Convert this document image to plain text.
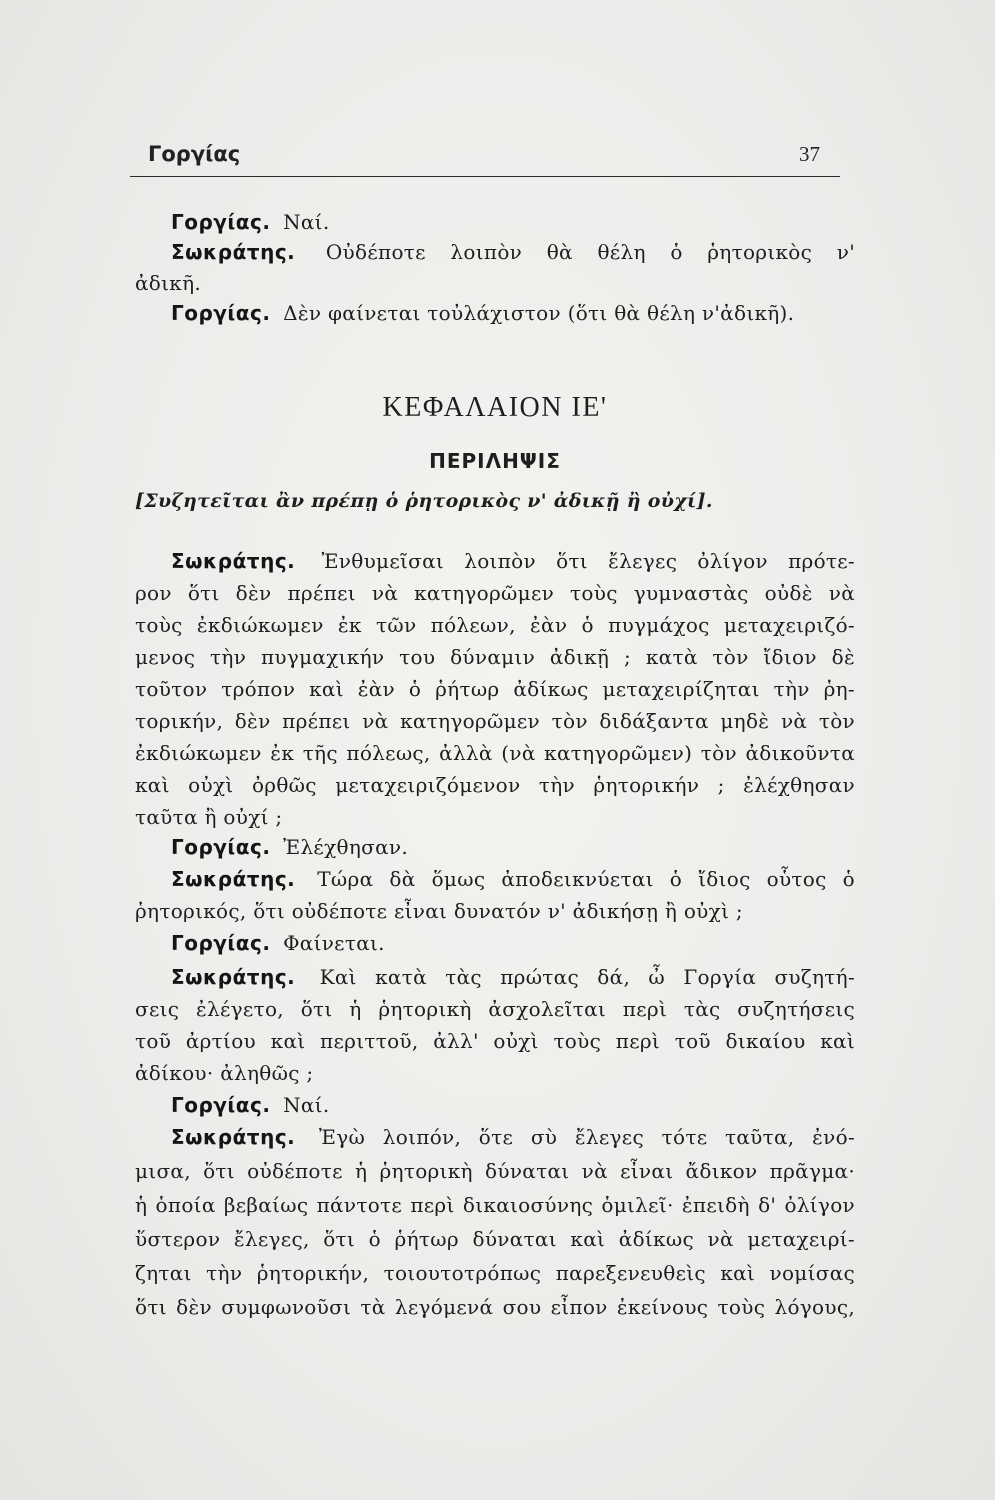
Γοργίας	37
Γοργίας. Ναί.
Σωκράτης. Οὐδέποτε λοιπὸν θὰ θέλη ὁ ῥητορικὸς ν'
ἀδικῆ.
Γοργίας. Δὲν φαίνεται τοὐλάχιστον (ὅτι θὰ θέλη ν'ἀδικῆ).
ΚΕΦΑΛΑΙΟΝ ΙΕ'
ΠΕΡΙΛΗΨΙΣ
[Συζητεῖται ἂν πρέπῃ ὁ ῥητορικὸς ν' ἀδικῇ ἢ οὐχί].
Σωκράτης. Ἐνθυμεῖσαι λοιπὸν ὅτι ἔλεγες ὀλίγον πρότε-
ρον ὅτι δὲν πρέπει νὰ κατηγορῶμεν τοὺς γυμναστὰς οὐδὲ νὰ
τοὺς ἐκδιώκωμεν ἐκ τῶν πόλεων, ἐὰν ὁ πυγμάχος μεταχειριζό-
μενος τὴν πυγμαχικήν του δύναμιν ἀδικῇ ; κατὰ τὸν ἴδιον δὲ
τοῦτον τρόπον καὶ ἐὰν ὁ ῥήτωρ ἀδίκως μεταχειρίζηται τὴν ῥη-
τορικήν, δὲν πρέπει νὰ κατηγορῶμεν τὸν διδάξαντα μηδὲ νὰ τὸν
ἐκδιώκωμεν ἐκ τῆς πόλεως, ἀλλὰ (νὰ κατηγορῶμεν) τὸν ἀδικοῦντα
καὶ οὐχὶ ὀρθῶς μεταχειριζόμενον τὴν ῥητορικήν ; ἐλέχθησαν
ταῦτα ἢ οὐχί ;
Γοργίας. Ἐλέχθησαν.
Σωκράτης. Τώρα δὰ ὅμως ἀποδεικνύεται ὁ ἴδιος οὗτος ὁ
ῥητορικός, ὅτι οὐδέποτε εἶναι δυνατόν ν' ἀδικήσῃ ἢ οὐχὶ ;
Γοργίας. Φαίνεται.
Σωκράτης. Καὶ κατὰ τὰς πρώτας δά, ὦ Γοργία συζητή-
σεις ἐλέγετο, ὅτι ἡ ῥητορικὴ ἀσχολεῖται περὶ τὰς συζητήσεις
τοῦ ἀρτίου καὶ περιττοῦ, ἀλλ' οὐχὶ τοὺς περὶ τοῦ δικαίου καὶ
ἀδίκου· ἀληθῶς ;
Γοργίας. Ναί.
Σωκράτης. Ἐγὼ λοιπόν, ὅτε σὺ ἔλεγες τότε ταῦτα, ἐνό-
μισα, ὅτι οὐδέποτε ἡ ῥητορικὴ δύναται νὰ εἶναι ἄδικον πρᾶγμα·
ἡ ὁποία βεβαίως πάντοτε περὶ δικαιοσύνης ὁμιλεῖ· ἐπειδὴ δ' ὀλίγον
ὕστερον ἔλεγες, ὅτι ὁ ῥήτωρ δύναται καὶ ἀδίκως νὰ μεταχειρί-
ζηται τὴν ῥητορικήν, τοιουτοτρόπως παρεξενευθεὶς καὶ νομίσας
ὅτι δὲν συμφωνοῦσι τὰ λεγόμενά σου εἶπον ἐκείνους τοὺς λόγους,
